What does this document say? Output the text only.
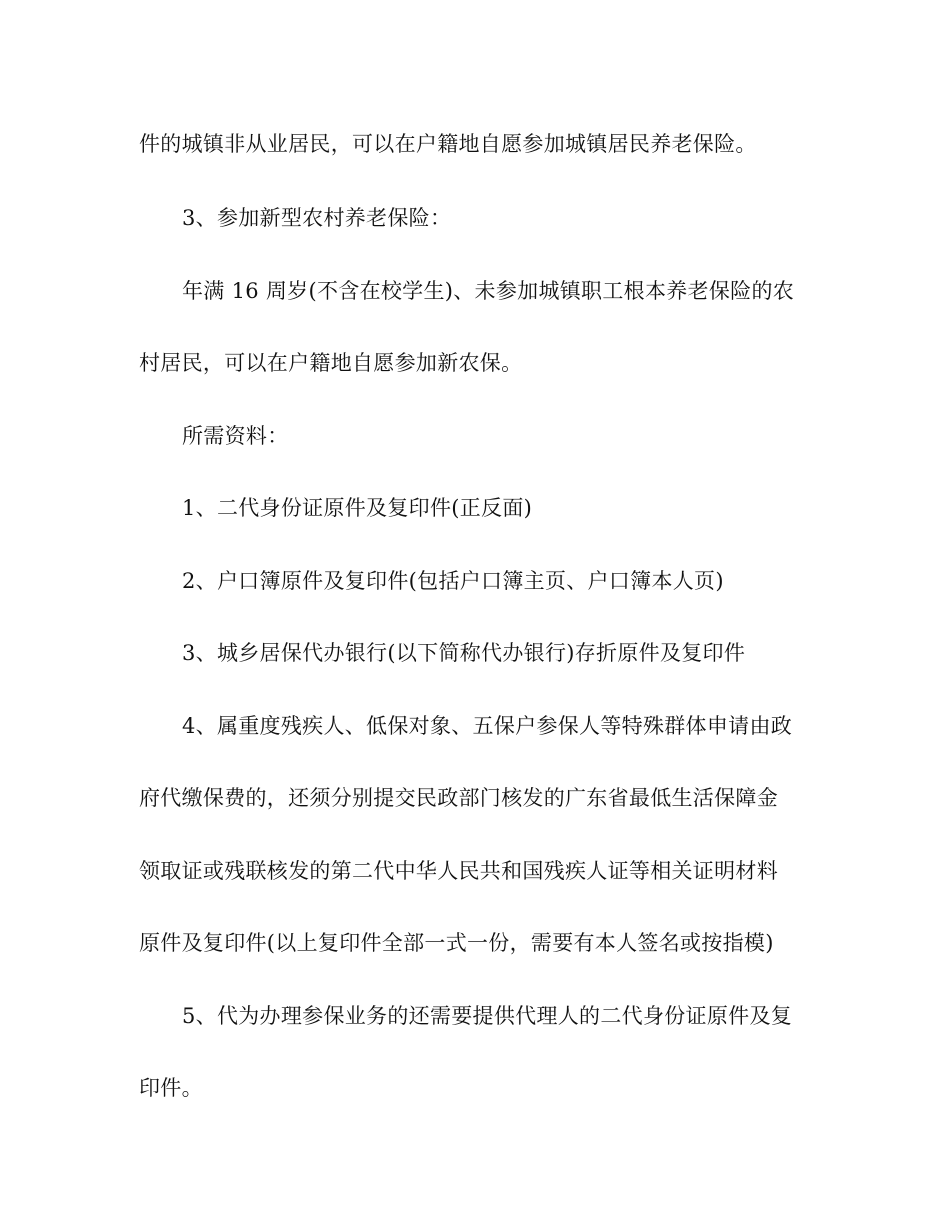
件的城镇非从业居民，可以在户籍地自愿参加城镇居民养老保险。
3、参加新型农村养老保险：
年满 16 周岁(不含在校学生)、未参加城镇职工根本养老保险的农
村居民，可以在户籍地自愿参加新农保。
所需资料：
1、二代身份证原件及复印件(正反面)
2、户口簿原件及复印件(包括户口簿主页、户口簿本人页)
3、城乡居保代办银行(以下简称代办银行)存折原件及复印件
4、属重度残疾人、低保对象、五保户参保人等特殊群体申请由政
府代缴保费的，还须分别提交民政部门核发的广东省最低生活保障金
领取证或残联核发的第二代中华人民共和国残疾人证等相关证明材料
原件及复印件(以上复印件全部一式一份，需要有本人签名或按指模)
5、代为办理参保业务的还需要提供代理人的二代身份证原件及复
印件。
